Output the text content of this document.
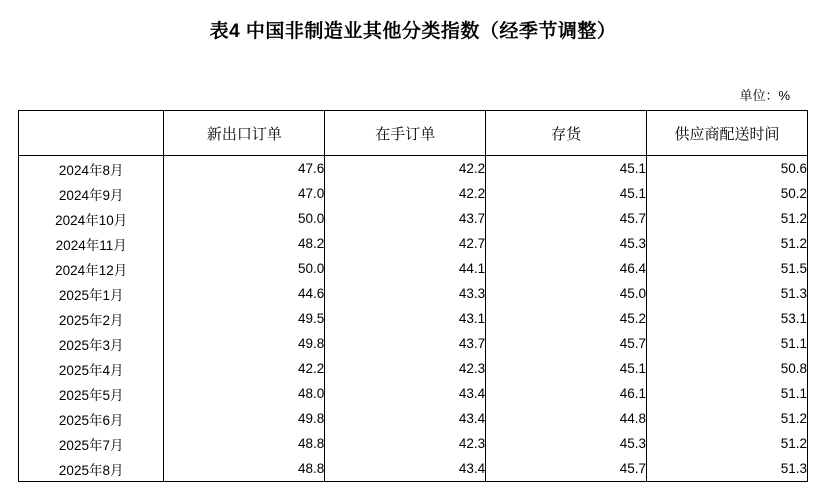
表4 中国非制造业其他分类指数（经季节调整）
单位：%
	新出口订单	在手订单	存货	供应商配送时间
2024年8月	47.6	42.2	45.1	50.6
2024年9月	47.0	42.2	45.1	50.2
2024年10月	50.0	43.7	45.7	51.2
2024年11月	48.2	42.7	45.3	51.2
2024年12月	50.0	44.1	46.4	51.5
2025年1月	44.6	43.3	45.0	51.3
2025年2月	49.5	43.1	45.2	53.1
2025年3月	49.8	43.7	45.7	51.1
2025年4月	42.2	42.3	45.1	50.8
2025年5月	48.0	43.4	46.1	51.1
2025年6月	49.8	43.4	44.8	51.2
2025年7月	48.8	42.3	45.3	51.2
2025年8月	48.8	43.4	45.7	51.3
